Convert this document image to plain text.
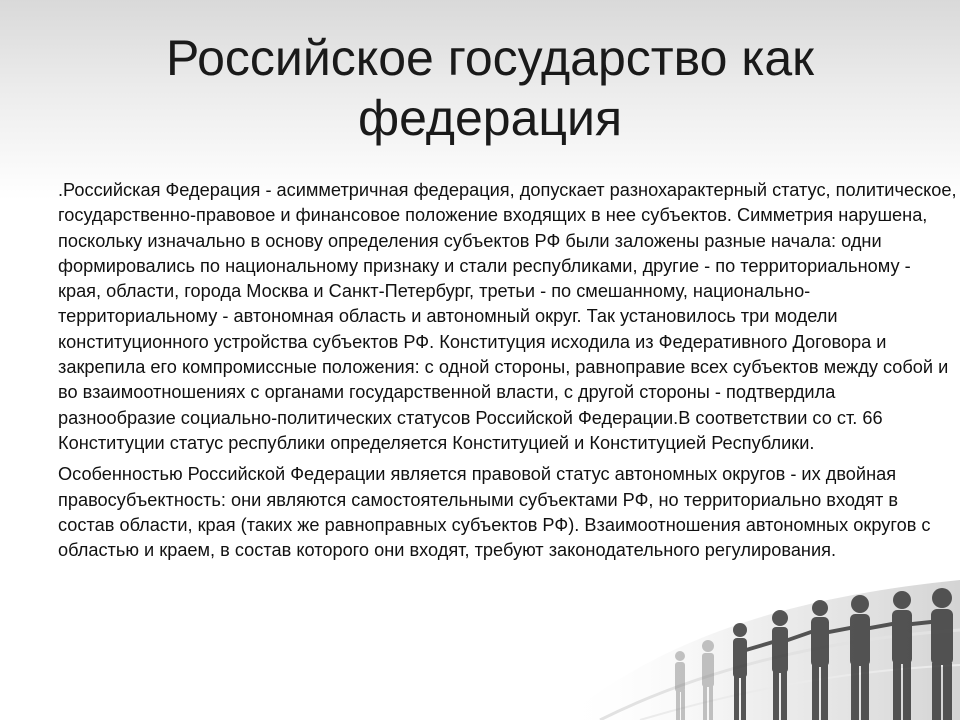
Российское государство как федерация

.Российская Федерация - асимметричная федерация, допускает разнохарактерный статус, политическое, государственно-правовое и финансовое положение входящих в нее субъектов. Симметрия нарушена, поскольку изначально в основу определения субъектов РФ были заложены разные начала: одни формировались по национальному признаку и стали республиками, другие - по территориальному - края, области, города Москва и Санкт-Петербург, третьи - по смешанному, национально-территориальному - автономная область и автономный округ. Так установилось три модели конституционного устройства субъектов РФ. Конституция исходила из Федеративного Договора и закрепила его компромиссные положения: с одной стороны, равноправие всех субъектов между собой и во взаимоотношениях с органами государственной власти, с другой стороны - подтвердила разнообразие социально-политических статусов Российской Федерации.В соответствии со ст. 66 Конституции статус республики определяется Конституцией и Конституцией Республики.

Особенностью Российской Федерации является правовой статус автономных округов - их двойная правосубъектность: они являются самостоятельными субъектами РФ, но территориально входят в состав области, края (таких же равноправных субъектов РФ). Взаимоотношения автономных округов с областью и краем, в состав которого они входят, требуют законодательного регулирования.
